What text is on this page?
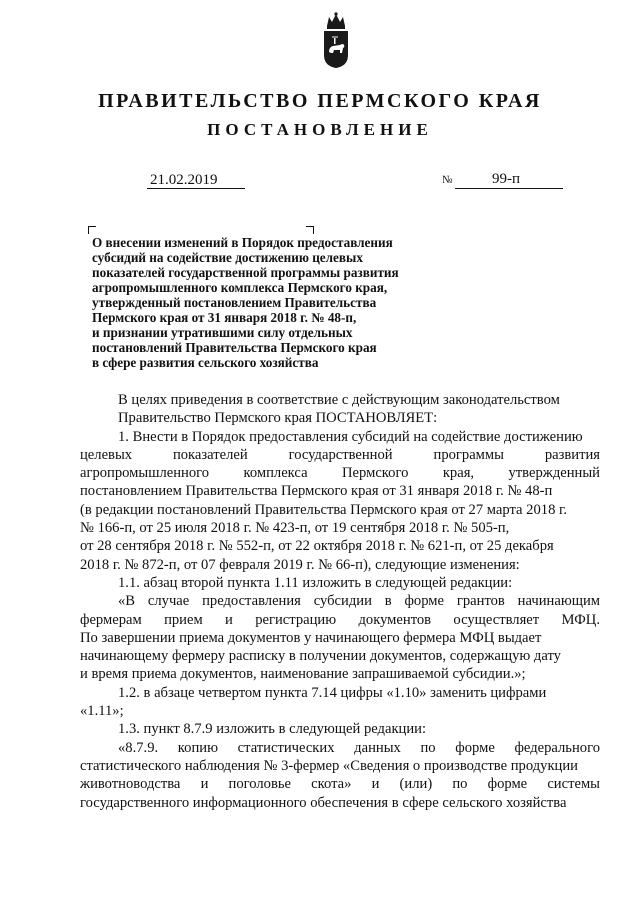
ПРАВИТЕЛЬСТВО ПЕРМСКОГО КРАЯ
ПОСТАНОВЛЕНИЕ
21.02.2019	№	99-п
О внесении изменений в Порядок предоставления
субсидий на содействие достижению целевых
показателей государственной программы развития
агропромышленного комплекса Пермского края,
утвержденный постановлением Правительства
Пермского края от 31 января 2018 г. № 48-п,
и признании утратившими силу отдельных
постановлений Правительства Пермского края
в сфере развития сельского хозяйства
В целях приведения в соответствие с действующим законодательством
Правительство Пермского края ПОСТАНОВЛЯЕТ:
1. Внести в Порядок предоставления субсидий на содействие достижению
целевых показателей государственной программы развития
агропромышленного комплекса Пермского края, утвержденный
постановлением Правительства Пермского края от 31 января 2018 г. № 48-п
(в редакции постановлений Правительства Пермского края от 27 марта 2018 г.
№ 166-п, от 25 июля 2018 г. № 423-п, от 19 сентября 2018 г. № 505-п,
от 28 сентября 2018 г. № 552-п, от 22 октября 2018 г. № 621-п, от 25 декабря
2018 г. № 872-п, от 07 февраля 2019 г. № 66-п), следующие изменения:
1.1. абзац второй пункта 1.11 изложить в следующей редакции:
«В случае предоставления субсидии в форме грантов начинающим
фермерам прием и регистрацию документов осуществляет МФЦ.
По завершении приема документов у начинающего фермера МФЦ выдает
начинающему фермеру расписку в получении документов, содержащую дату
и время приема документов, наименование запрашиваемой субсидии.»;
1.2. в абзаце четвертом пункта 7.14 цифры «1.10» заменить цифрами
«1.11»;
1.3. пункт 8.7.9 изложить в следующей редакции:
«8.7.9. копию статистических данных по форме федерального
статистического наблюдения № 3-фермер «Сведения о производстве продукции
животноводства и поголовье скота» и (или) по форме системы
государственного информационного обеспечения в сфере сельского хозяйства
